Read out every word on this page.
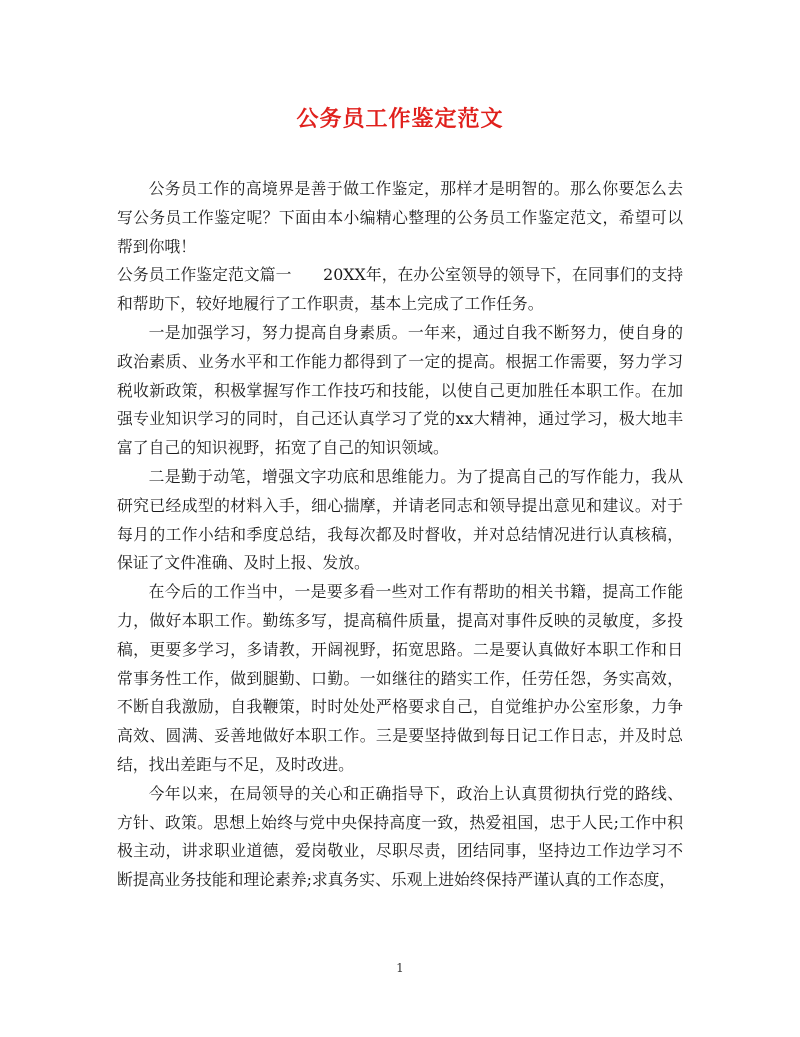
公务员工作鉴定范文

公务员工作的高境界是善于做工作鉴定，那样才是明智的。那么你要怎么去写公务员工作鉴定呢？下面由本小编精心整理的公务员工作鉴定范文，希望可以帮到你哦！

公务员工作鉴定范文篇一　　20XX年，在办公室领导的领导下，在同事们的支持和帮助下，较好地履行了工作职责，基本上完成了工作任务。

一是加强学习，努力提高自身素质。一年来，通过自我不断努力，使自身的政治素质、业务水平和工作能力都得到了一定的提高。根据工作需要，努力学习税收新政策，积极掌握写作工作技巧和技能，以使自己更加胜任本职工作。在加强专业知识学习的同时，自己还认真学习了党的xx大精神，通过学习，极大地丰富了自己的知识视野，拓宽了自己的知识领域。

二是勤于动笔，增强文字功底和思维能力。为了提高自己的写作能力，我从研究已经成型的材料入手，细心揣摩，并请老同志和领导提出意见和建议。对于每月的工作小结和季度总结，我每次都及时督收，并对总结情况进行认真核稿，保证了文件准确、及时上报、发放。

在今后的工作当中，一是要多看一些对工作有帮助的相关书籍，提高工作能力，做好本职工作。勤练多写，提高稿件质量，提高对事件反映的灵敏度，多投稿，更要多学习，多请教，开阔视野，拓宽思路。二是要认真做好本职工作和日常事务性工作，做到腿勤、口勤。一如继往的踏实工作，任劳任怨，务实高效，不断自我激励，自我鞭策，时时处处严格要求自己，自觉维护办公室形象，力争高效、圆满、妥善地做好本职工作。三是要坚持做到每日记工作日志，并及时总结，找出差距与不足，及时改进。

今年以来，在局领导的关心和正确指导下，政治上认真贯彻执行党的路线、方针、政策。思想上始终与党中央保持高度一致，热爱祖国，忠于人民;工作中积极主动，讲求职业道德，爱岗敬业，尽职尽责，团结同事，坚持边工作边学习不断提高业务技能和理论素养;求真务实、乐观上进始终保持严谨认真的工作态度，

1
